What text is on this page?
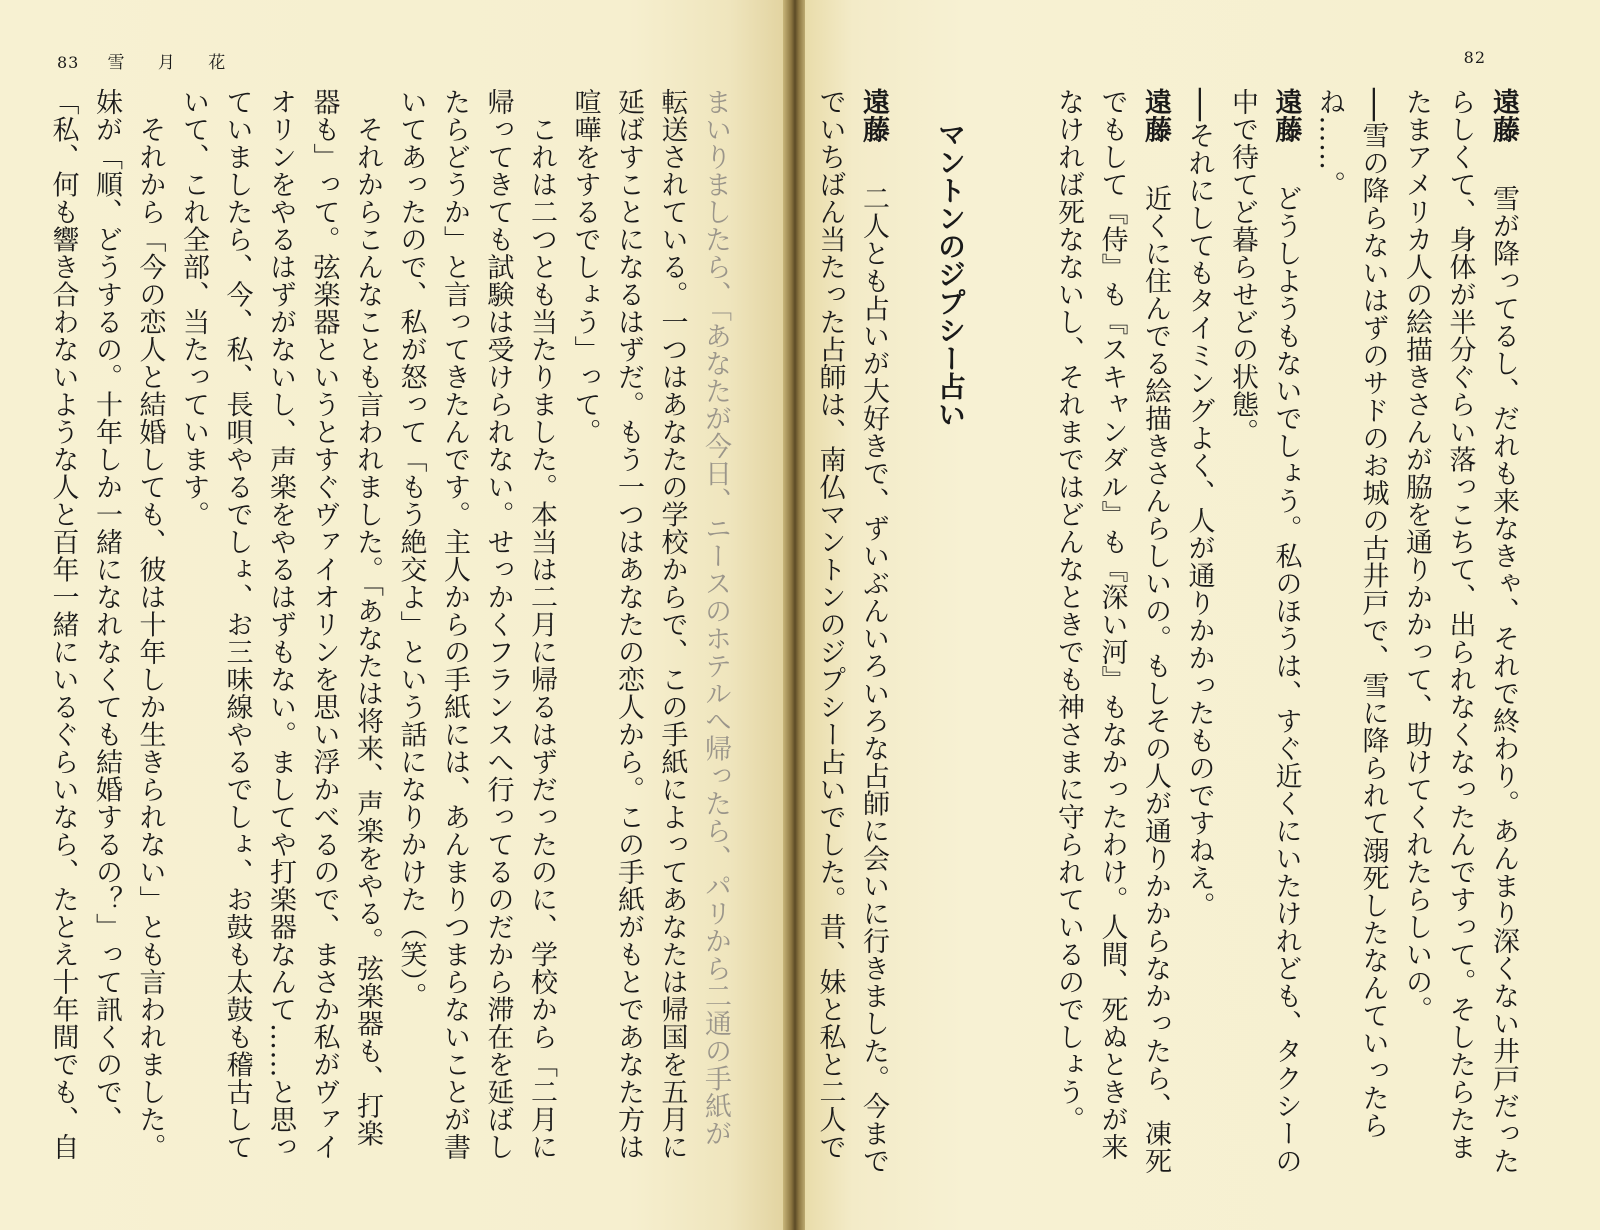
83 雪 月 花	82
まいりましたら、「あなたが今日、ニースのホテルへ帰ったら、パリから二通の手紙が
転送されている。一つはあなたの学校からで、この手紙によってあなたは帰国を五月に
延ばすことになるはずだ。もう一つはあなたの恋人から。この手紙がもとであなた方は
喧嘩をするでしょう」って。
　これは二つとも当たりました。本当は二月に帰るはずだったのに、学校から「二月に
帰ってきても試験は受けられない。せっかくフランスへ行ってるのだから滞在を延ばし
たらどうか」と言ってきたんです。主人からの手紙には、あんまりつまらないことが書
いてあったので、私が怒って「もう絶交よ」という話になりかけた（笑）。
　それからこんなことも言われました。「あなたは将来、声楽をやる。弦楽器も、打楽
器も」って。弦楽器というとすぐヴァイオリンを思い浮かべるので、まさか私がヴァイ
オリンをやるはずがないし、声楽をやるはずもない。ましてや打楽器なんて……と思っ
ていましたら、今、私、長唄やるでしょ、お三味線やるでしょ、お鼓も太鼓も稽古して
いて、これ全部、当たっています。
　それから「今の恋人と結婚しても、彼は十年しか生きられない」とも言われました。
妹が「順、どうするの。十年しか一緒になれなくても結婚するの？」って訊くので、
「私、何も響き合わないような人と百年一緒にいるぐらいなら、たとえ十年間でも、自	遠藤　雪が降ってるし、だれも来なきゃ、それで終わり。あんまり深くない井戸だった
らしくて、身体が半分ぐらい落っこちて、出られなくなったんですって。そしたらたま
たまアメリカ人の絵描きさんが脇を通りかかって、助けてくれたらしいの。
──雪の降らないはずのサドのお城の古井戸で、雪に降られて溺死したなんていったら
ね……。
遠藤　どうしようもないでしょう。私のほうは、すぐ近くにいたけれども、タクシーの
中で待てど暮らせどの状態。
──それにしてもタイミングよく、人が通りかかったものですねえ。
遠藤　近くに住んでる絵描きさんらしいの。もしその人が通りかからなかったら、凍死
でもして『侍』も『スキャンダル』も『深い河』もなかったわけ。人間、死ぬときが来
なければ死なないし、それまではどんなときでも神さまに守られているのでしょう。
マントンのジプシー占い
遠藤　二人とも占いが大好きで、ずいぶんいろいろな占師に会いに行きました。今まで
でいちばん当たった占師は、南仏マントンのジプシー占いでした。昔、妹と私と二人で
